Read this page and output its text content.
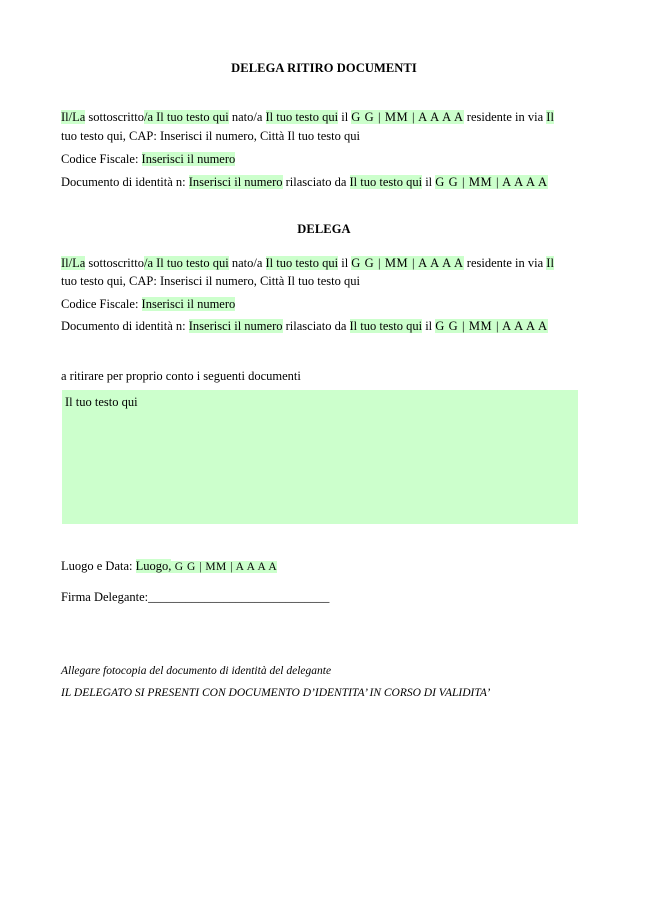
DELEGA RITIRO DOCUMENTI
Il/La sottoscritto/a Il tuo testo qui nato/a Il tuo testo qui il G G | MM | A A A A residente in via Il
tuo testo qui, CAP: Inserisci il numero, Città Il tuo testo qui
Codice Fiscale: Inserisci il numero
Documento di identità n: Inserisci il numero rilasciato da Il tuo testo qui il G G | MM | A A A A
DELEGA
Il/La sottoscritto/a Il tuo testo qui nato/a Il tuo testo qui il G G | MM | A A A A residente in via Il
tuo testo qui, CAP: Inserisci il numero, Città Il tuo testo qui
Codice Fiscale: Inserisci il numero
Documento di identità n: Inserisci il numero rilasciato da Il tuo testo qui il G G | MM | A A A A
a ritirare per proprio conto i seguenti documenti
Il tuo testo qui
Luogo e Data: Luogo, G G | MM | A A A A
Firma Delegante:_____________________________
Allegare fotocopia del documento di identità del delegante
IL DELEGATO SI PRESENTI CON DOCUMENTO D’IDENTITA’ IN CORSO DI VALIDITA’
